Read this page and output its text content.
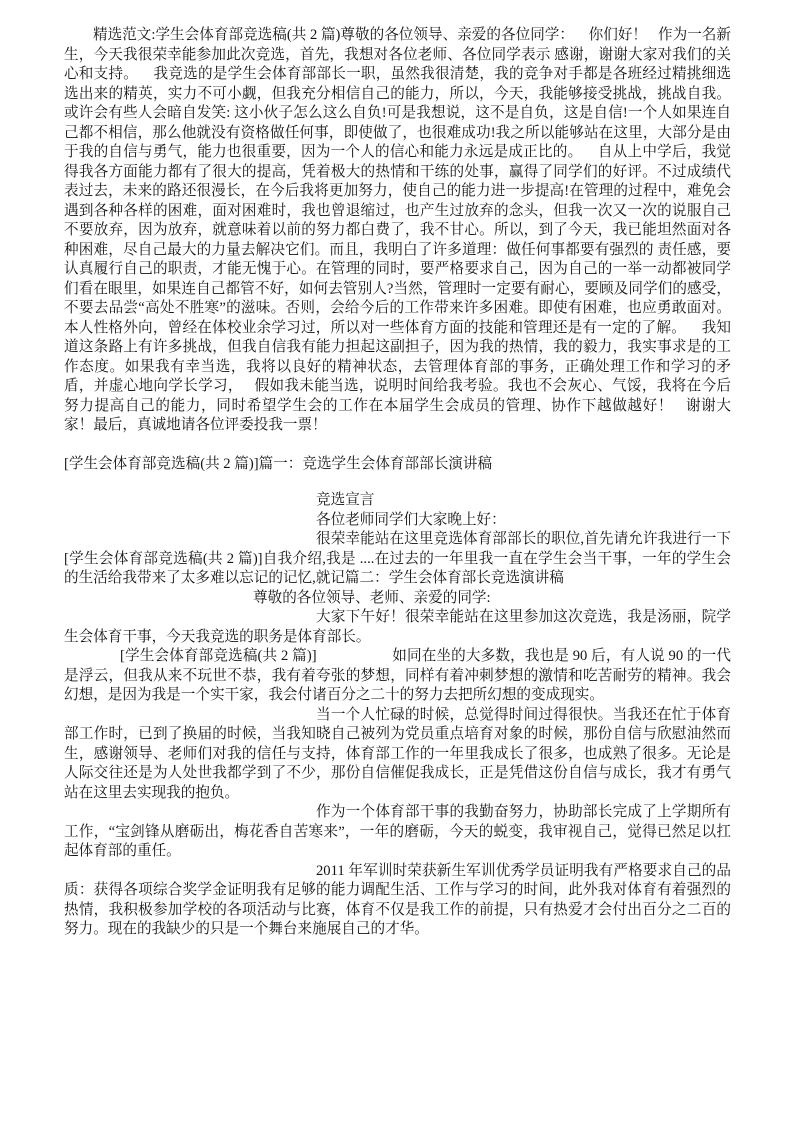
精选范文:学生会体育部竞选稿(共 2 篇)尊敬的各位领导、亲爱的各位同学：    你们好！   作为一名新生，今天我很荣幸能参加此次竞选，首先，我想对各位老师、各位同学表示 感谢，谢谢大家对我们的关心和支持。    我竞选的是学生会体育部部长一职，虽然我很清楚，我的竞争对手都是各班经过精挑细选选出来的精英，实力不可小觑，但我充分相信自己的能力，所以，今天，我能够接受挑战，挑战自我。    或许会有些人会暗自发笑: 这小伙子怎么这么自负!可是我想说，这不是自负，这是自信!一个人如果连自己都不相信，那么他就没有资格做任何事，即使做了，也很难成功!我之所以能够站在这里，大部分是由于我的自信与勇气，能力也很重要，因为一个人的信心和能力永远是成正比的。    自从上中学后，我觉得我各方面能力都有了很大的提高，凭着极大的热情和干练的处事，赢得了同学们的好评。不过成绩代表过去，未来的路还很漫长，在今后我将更加努力，使自己的能力进一步提高!在管理的过程中，难免会遇到各种各样的困难，面对困难时，我也曾退缩过，也产生过放弃的念头，但我一次又一次的说服自己不要放弃，因为放弃，就意味着以前的努力都白费了，我不甘心。所以，到了今天，我已能坦然面对各种困难，尽自己最大的力量去解决它们。而且，我明白了许多道理：做任何事都要有强烈的 责任感，要认真履行自己的职责，才能无愧于心。在管理的同时，要严格要求自己，因为自己的一举一动都被同学们看在眼里，如果连自己都管不好，如何去管别人?当然，管理时一定要有耐心，要顾及同学们的感受，不要去品尝“高处不胜寒”的滋味。否则，会给今后的工作带来许多困难。即使有困难，也应勇敢面对。    本人性格外向，曾经在体校业余学习过，所以对一些体育方面的技能和管理还是有一定的了解。    我知道这条路上有许多挑战，但我自信我有能力担起这副担子，因为我的热情，我的毅力，我实事求是的工作态度。如果我有幸当选，我将以良好的精神状态，去管理体育部的事务，正确处理工作和学习的矛盾，并虚心地向学长学习，   假如我未能当选，说明时间给我考验。我也不会灰心、气馁，我将在今后努力提高自己的能力，同时希望学生会的工作在本届学生会成员的管理、协作下越做越好！   谢谢大家！最后，真诚地请各位评委投我一票！

[学生会体育部竞选稿(共 2 篇)]篇一：竞选学生会体育部部长演讲稿

竞选宣言

各位老师同学们大家晚上好：

很荣幸能站在这里竞选体育部部长的职位,首先请允许我进行一下[学生会体育部竞选稿(共 2 篇)]自我介绍,我是 ....在过去的一年里我一直在学生会当干事，一年的学生会的生活给我带来了太多难以忘记的记忆,就记篇二：学生会体育部长竞选演讲稿

尊敬的各位领导、老师、亲爱的同学:

大家下午好！很荣幸能站在这里参加这次竞选，我是汤丽，院学生会体育干事，今天我竞选的职务是体育部长。

[学生会体育部竞选稿(共 2 篇)]                    如同在坐的大多数，我也是 90 后，有人说 90 的一代是浮云，但我从来不玩世不恭，我有着夸张的梦想，同样有着冲刺梦想的激情和吃苦耐劳的精神。我会幻想，是因为我是一个实干家，我会付诸百分之二十的努力去把所幻想的变成现实。

当一个人忙碌的时候，总觉得时间过得很快。当我还在忙于体育部工作时，已到了换届的时候，当我知晓自己被列为党员重点培育对象的时候，那份自信与欣慰油然而生，感谢领导、老师们对我的信任与支持，体育部工作的一年里我成长了很多，也成熟了很多。无论是人际交往还是为人处世我都学到了不少，那份自信催促我成长，正是凭借这份自信与成长，我才有勇气站在这里去实现我的抱负。

作为一个体育部干事的我勤奋努力，协助部长完成了上学期所有工作，“宝剑锋从磨砺出，梅花香自苦寒来”，一年的磨砺，今天的蜕变，我审视自己，觉得已然足以扛起体育部的重任。

2011 年军训时荣获新生军训优秀学员证明我有严格要求自己的品质：获得各项综合奖学金证明我有足够的能力调配生活、工作与学习的时间，此外我对体育有着强烈的热情，我积极参加学校的各项活动与比赛，体育不仅是我工作的前提，只有热爱才会付出百分之二百的努力。现在的我缺少的只是一个舞台来施展自己的才华。
